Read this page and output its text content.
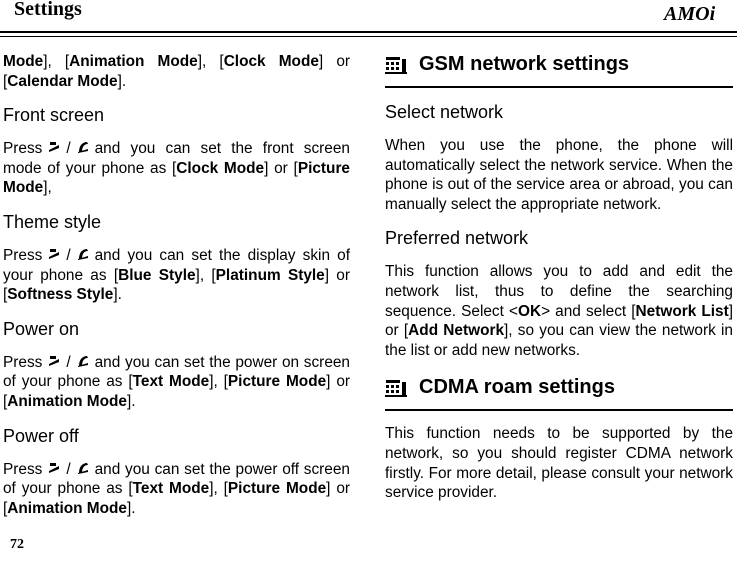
Settings	AMOi

Mode], [Animation Mode], [Clock Mode] or [Calendar Mode].

Front screen

Press / and you can set the front screen mode of your phone as [Clock Mode] or [Picture Mode],

Theme style

Press / and you can set the display skin of your phone as [Blue Style], [Platinum Style] or [Softness Style].

Power on

Press / and you can set the power on screen of your phone as [Text Mode], [Picture Mode] or [Animation Mode].

Power off

Press / and you can set the power off screen of your phone as [Text Mode], [Picture Mode] or [Animation Mode].

GSM network settings

Select network

When you use the phone, the phone will automatically select the network service. When the phone is out of the service area or abroad, you can manually select the appropriate network.

Preferred network

This function allows you to add and edit the network list, thus to define the searching sequence. Select <OK> and select [Network List] or [Add Network], so you can view the network in the list or add new networks.

CDMA roam settings

This function needs to be supported by the network, so you should register CDMA network firstly. For more detail, please consult your network service provider.

72
